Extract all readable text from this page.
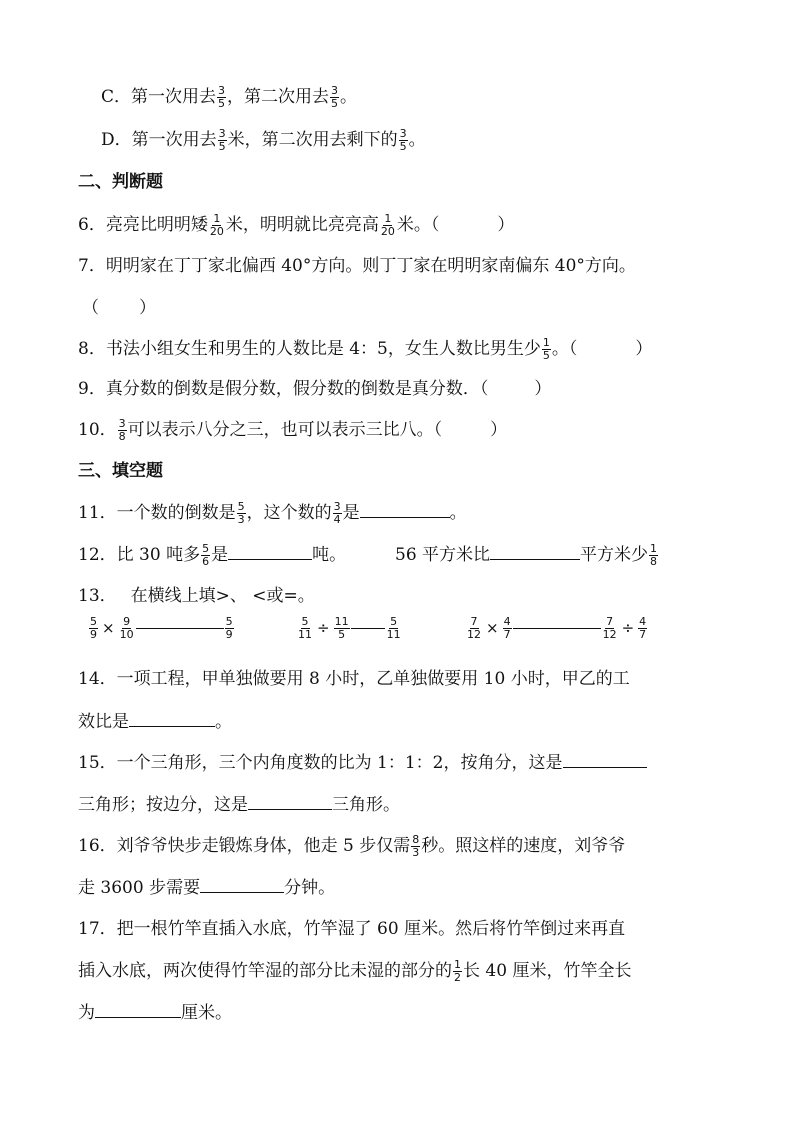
C．第一次用去 $\frac{3}{5}$ ，第二次用去 $\frac{3}{5}$ 。
D．第一次用去 $\frac{3}{5}$ 米，第二次用去剩下的 $\frac{3}{5}$ 。
二、判断题
6．亮亮比明明矮 $\frac{1}{20}$ 米，明明就比亮亮高 $\frac{1}{20}$ 米。（	）
7．明明家在丁丁家北偏西 40°方向。则丁丁家在明明家南偏东 40°方向。
（ ）
8．书法小组女生和男生的人数比是 4：5，女生人数比男生少 $\frac{1}{5}$ 。（	）
9．真分数的倒数是假分数，假分数的倒数是真分数．（	）
10． $\frac{3}{8}$ 可以表示八分之三，也可以表示三比八。（	）
三、填空题
11．一个数的倒数是 $\frac{5}{3}$ ，这个数的 $\frac{3}{4}$ 是	。
12．比 30 吨多 $\frac{5}{6}$ 是	吨。	56 平方米比	平方米少 $\frac{1}{8}$
13． 在横线上填>、 <或=。
$\frac{5}{9} \times \frac{9}{10}$	$\frac{5}{9}$	$\frac{5}{11} \div \frac{11}{5}$	$\frac{5}{11}$	$\frac{7}{12} \times \frac{4}{7}$	$\frac{7}{12} \div \frac{4}{7}$
14．一项工程，甲单独做要用 8 小时，乙单独做要用 10 小时，甲乙的工
效比是	。
15．一个三角形，三个内角度数的比为 1：1：2，按角分，这是
三角形；按边分，这是	三角形。
16．刘爷爷快步走锻炼身体，他走 5 步仅需 $\frac{8}{3}$ 秒。照这样的速度，刘爷爷
走 3600 步需要	分钟。
17．把一根竹竿直插入水底，竹竿湿了 60 厘米。然后将竹竿倒过来再直
插入水底，两次使得竹竿湿的部分比未湿的部分的 $\frac{1}{2}$ 长 40 厘米，竹竿全长
为	厘米。
